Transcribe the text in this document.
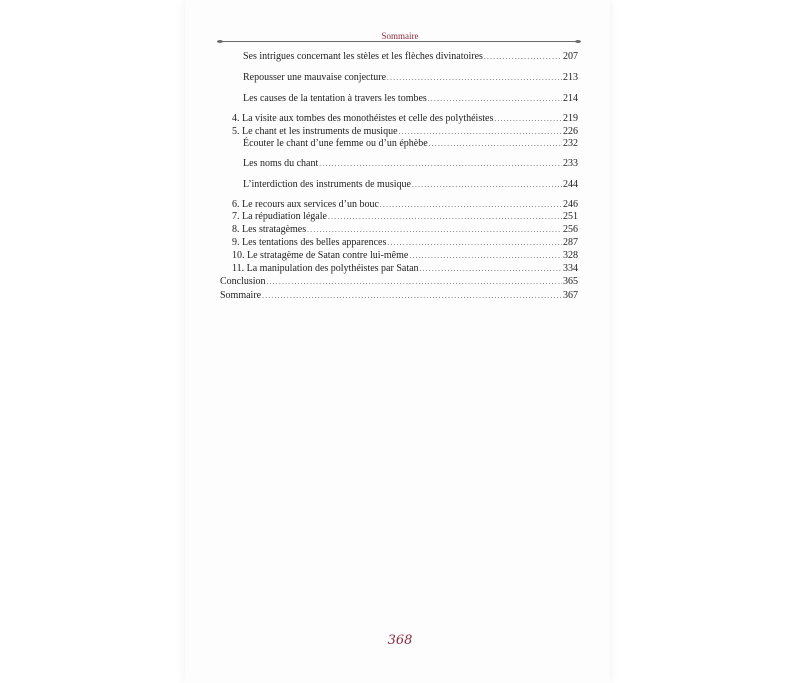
Sommaire
Ses intrigues concernant les stèles et les flèches divinatoires . . .	207
Repousser une mauvaise conjecture . . .	213
Les causes de la tentation à travers les tombes . . .	214
4. La visite aux tombes des monothéistes et celle des polythéistes . . .	219
5. Le chant et les instruments de musique . . .	226
Écouter le chant d’une femme ou d’un éphèbe . . .	232
Les noms du chant . . .	233
L’interdiction des instruments de musique . . .	244
6. Le recours aux services d’un bouc . . .	246
7. La répudiation légale . . .	251
8. Les stratagèmes . . .	256
9. Les tentations des belles apparences . . .	287
10. Le stratagème de Satan contre lui-même . . .	328
11. La manipulation des polythéistes par Satan . . .	334
Conclusion . . .	365
Sommaire . . .	367
368
